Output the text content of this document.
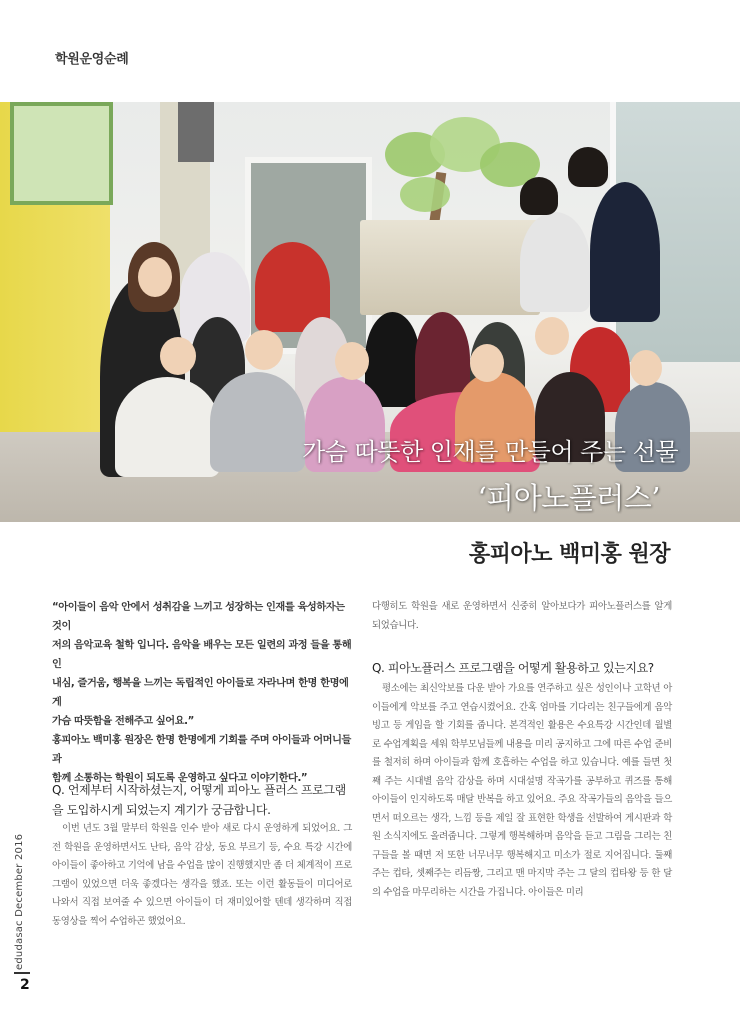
학원운영순례
가슴 따뜻한 인재를 만들어 주는 선물
‘피아노플러스’
홍피아노 백미홍 원장

“아이들이 음악 안에서 성취감을 느끼고 성장하는 인재를 육성하자는 것이
저의 음악교육 철학 입니다. 음악을 배우는 모든 일련의 과정 들을 통해 인
내심, 즐거움, 행복을 느끼는 독립적인 아이들로 자라나며 한명 한명에게
가슴 따뜻함을 전해주고 싶어요.”

홍피아노 백미홍 원장은 한명 한명에게 기회를 주며 아이들과 어머니들과
함께 소통하는 학원이 되도록 운영하고 싶다고 이야기한다.”

Q. 언제부터 시작하셨는지, 어떻게 피아노 플러스 프로그램을 도입하시게 되었는지 계기가 궁금합니다.
이번 년도 3월 말부터 학원을 인수 받아 새로 다시 운영하게 되었어요. 그 전 학원을 운영하면서도 난타, 음악 감상, 동요 부르기 등, 수요 특강 시간에 아이들이 좋아하고 기억에 남을 수업을 많이 진행했지만 좀 더 체계적이 프로그램이 있었으면 더욱 좋겠다는 생각을 했죠. 또는 이런 활동들이 미디어로 나와서 직접 보여줄 수 있으면 아이들이 더 재미있어할 텐데 생각하며 직접 동영상을 찍어 수업하곤 했었어요.
다행히도 학원을 새로 운영하면서 신중히 알아보다가 피아노플러스를 알게 되었습니다.
Q. 피아노플러스 프로그램을 어떻게 활용하고 있는지요?
평소에는 최신악보를 다운 받아 가요를 연주하고 싶은 성인이나 고학년 아이들에게 악보를 주고 연습시켰어요. 간혹 엄마를 기다리는 친구들에게 음악 빙고 등 게임을 할 기회를 줍니다. 본격적인 활용은 수요특강 시간인데 월별로 수업계획을 세워 학부모님들께 내용을 미리 공지하고 그에 따른 수업 준비를 철저히 하며 아이들과 함께 호흡하는 수업을 하고 있습니다. 예를 들면 첫째 주는 시대별 음악 감상을 하며 시대설명 작곡가를 공부하고 퀴즈를 통해 아이들이 인지하도록 매달 반복을 하고 있어요. 주요 작곡가들의 음악을 들으면서 떠오르는 생각, 느낌 등을 제일 잘 표현한 학생을 선발하여 게시판과 학원 소식지에도 올려줍니다. 그렇게 행복해하며 음악을 듣고 그림을 그리는 친구들을 볼 때면 저 또한 너무너무 행복해지고 미소가 절로 지어집니다. 둘째 주는 컵타, 셋째주는 리듬짱, 그리고 맨 마지막 주는 그 달의 컵타왕 등 한 달의 수업을 마무리하는 시간을 가집니다. 아이들은 미리
edudasac December 2016
2
